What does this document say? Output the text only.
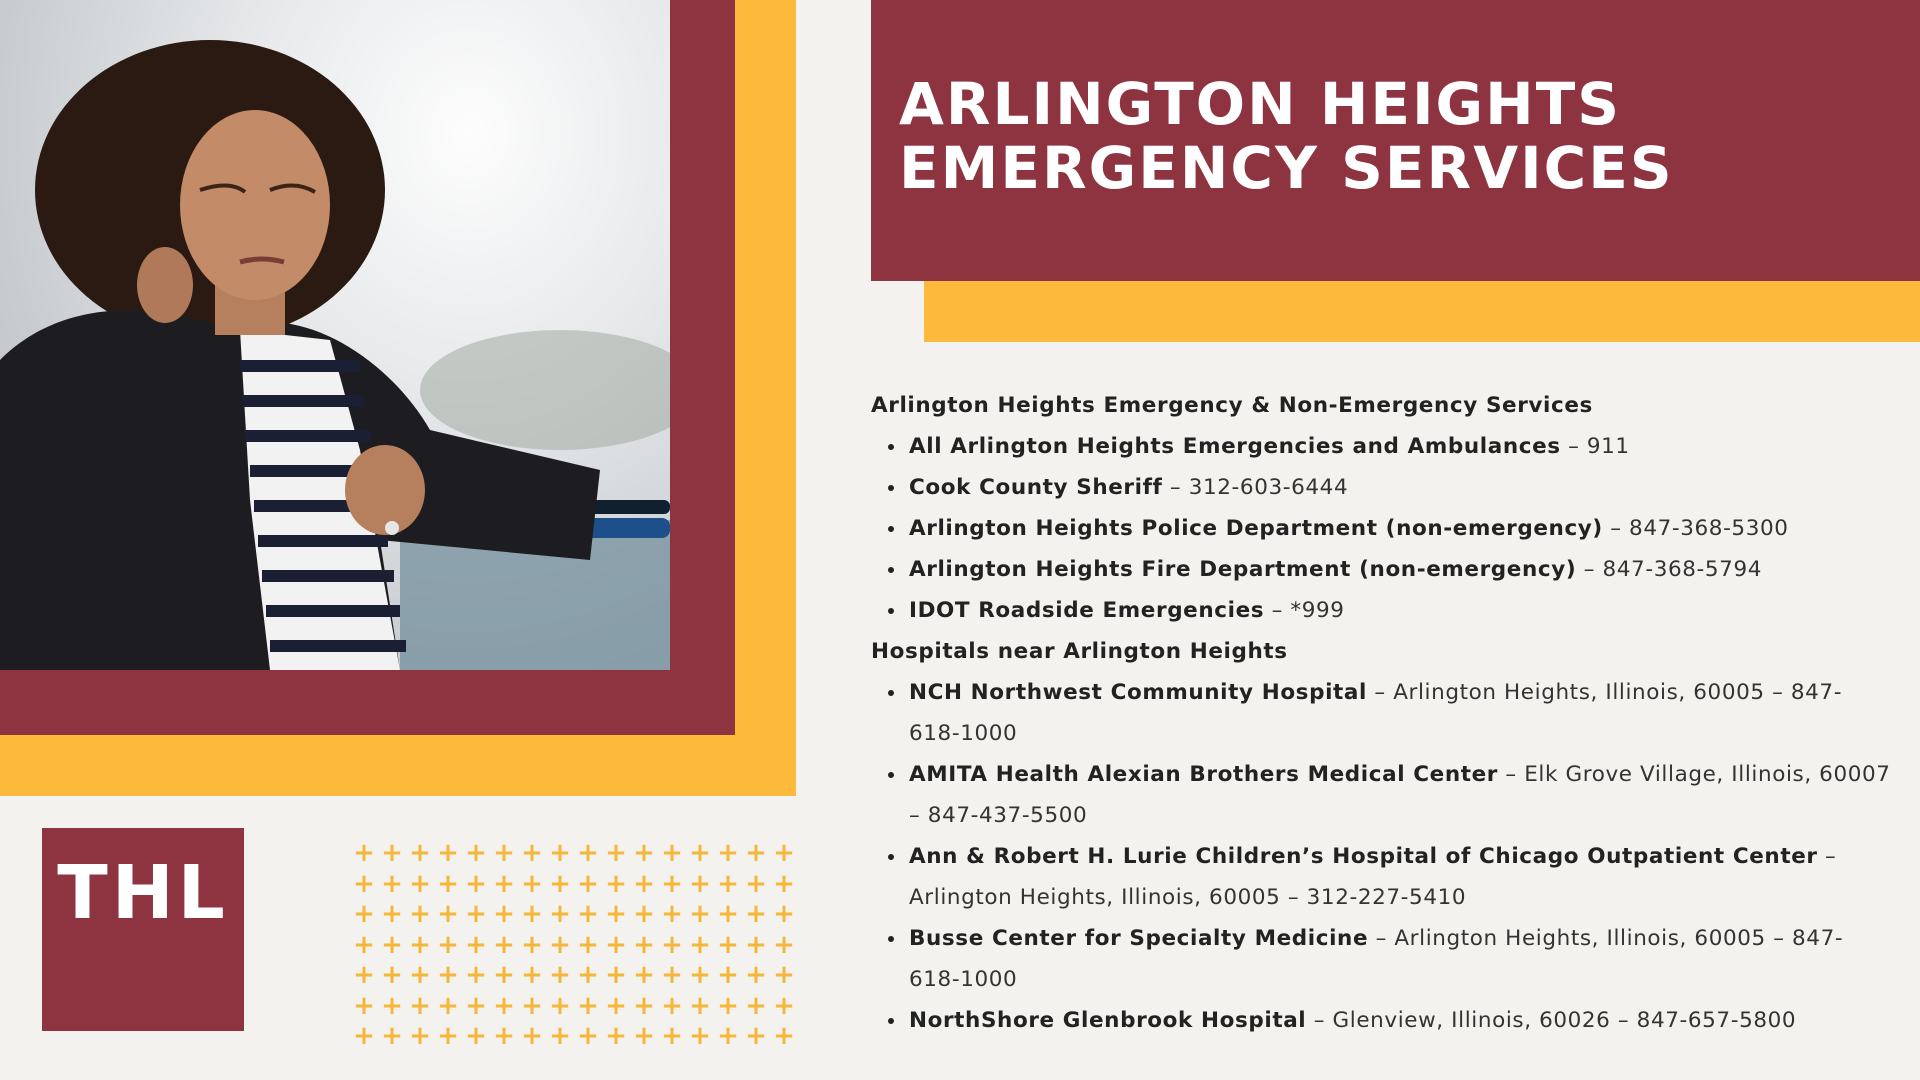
THL	+ + + + + + + + + + + + + + + +
+ + + + + + + + + + + + + + + +
+ + + + + + + + + + + + + + + +
+ + + + + + + + + + + + + + + +
+ + + + + + + + + + + + + + + +
+ + + + + + + + + + + + + + + +
+ + + + + + + + + + + + + + + +
ARLINGTON HEIGHTS
EMERGENCY SERVICES

Arlington Heights Emergency & Non-Emergency Services

All Arlington Heights Emergencies and Ambulances – 911
Cook County Sheriff – 312-603-6444
Arlington Heights Police Department (non-emergency) – 847-368-5300
Arlington Heights Fire Department (non-emergency) – 847-368-5794
IDOT Roadside Emergencies – *999

Hospitals near Arlington Heights

NCH Northwest Community Hospital – Arlington Heights, Illinois, 60005 – 847-618-1000
AMITA Health Alexian Brothers Medical Center – Elk Grove Village, Illinois, 60007 – 847-437-5500
Ann & Robert H. Lurie Children’s Hospital of Chicago Outpatient Center – Arlington Heights, Illinois, 60005 – 312-227-5410
Busse Center for Specialty Medicine – Arlington Heights, Illinois, 60005 – 847-618-1000
NorthShore Glenbrook Hospital – Glenview, Illinois, 60026 – 847-657-5800
